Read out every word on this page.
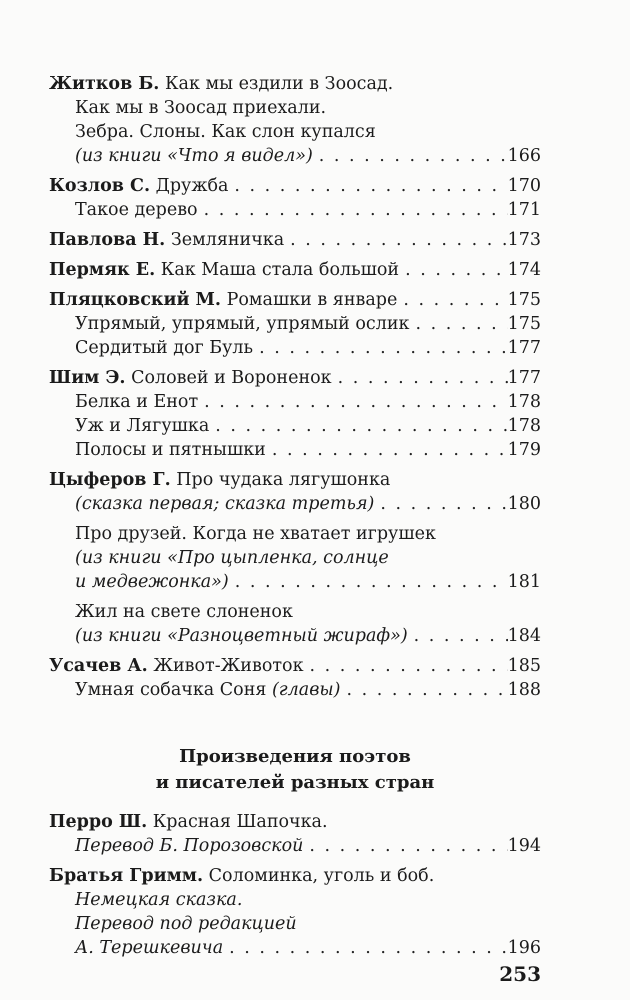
Житков Б. Как мы ездили в Зоосад.
Как мы в Зоосад приехали.
Зебра. Слоны. Как слон купался
(из книги «Что я видел») . . .	166
Козлов С. Дружба . . .	170
Такое дерево . . .	171
Павлова Н. Земляничка . . .	173
Пермяк Е. Как Маша стала большой . . .	174
Пляцковский М. Ромашки в январе . . .	175
Упрямый, упрямый, упрямый ослик . . .	175
Сердитый дог Буль . . .	177
Шим Э. Соловей и Вороненок . . .	177
Белка и Енот . . .	178
Уж и Лягушка . . .	178
Полосы и пятнышки . . .	179
Цыферов Г. Про чудака лягушонка
(сказка первая; сказка третья) . . .	180
Про друзей. Когда не хватает игрушек
(из книги «Про цыпленка, солнце
и медвежонка») . . .	181
Жил на свете слоненок
(из книги «Разноцветный жираф») . . .	184
Усачев А. Живот-Животок . . .	185
Умная собачка Соня (главы) . . .	188
Произведения поэтов
и писателей разных стран
Перро Ш. Красная Шапочка.
Перевод Б. Порозовской . . .	194
Братья Гримм. Соломинка, уголь и боб.
Немецкая сказка.
Перевод под редакцией
А. Терешкевича . . .	196
253
